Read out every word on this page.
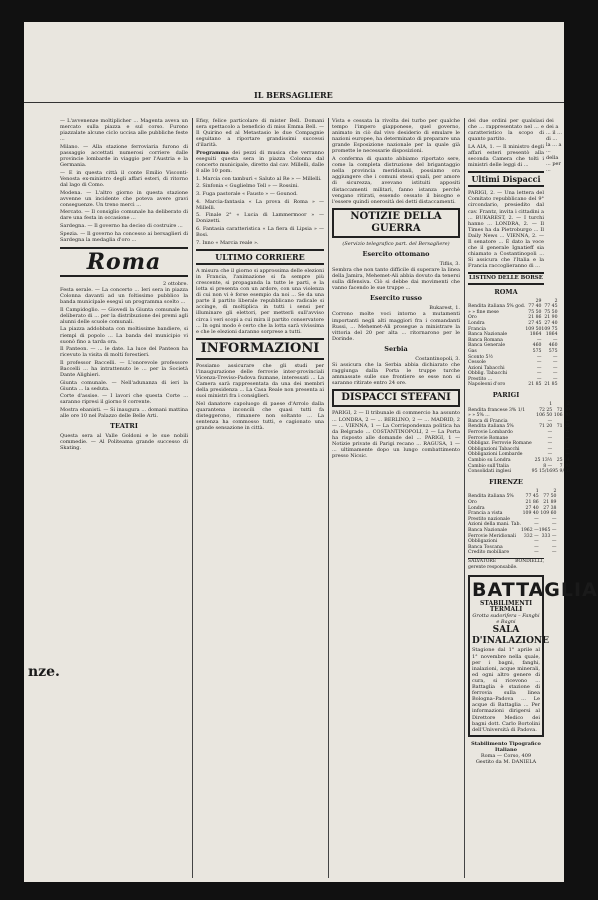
IL BERSAGLIERE
nze.

— L'avvenenze moltiplicher ... Magenta aveva un mercato sulla piazza e sul corso. Furono piazzalate alcune ciclo uccisa alle pubbliche feste ...

Milano. — Alla stazione ferroviaria furono di passaggio accettati numerosi corriere dalle provincie lombarde in viaggio per l'Austria e la Germania.

— E in questa città il conte Emilio Visconti-Venosta ex-ministro degli affari esteri, di ritorno dal lago di Como.

Modena. — L'altro giorno in questa stazione avvenne un incidente che poteva avere gravi conseguenze. Un treno merci ...

Mercato. — Il consiglio comunale ha deliberato di dare una festa in occasione ...

Sardegna. — Il governo ha deciso di costruire ...

Spezia. — Il governo ha concesso ai bersaglieri di Sardegna la medaglia d'oro ...

Roma
2 ottobre.

Festa serale. — La concerto ... Ieri sera in piazza Colonna davanti ad un foltissimo pubblico la banda municipale eseguì un programma scelto ...

Il Campidoglio. — Giovedì la Giunta comunale ha deliberato di ... per la distribuzione dei premi agli alunni delle scuole comunali.

La piazza addobbata con moltissime bandiere, si riempì di popolo ... La banda del municipio vi suonò fino a tarda ora.

Il Panteon. — ... le date. La luce del Panteon ha ricevuto la visita di molti forestieri.

Il professor Baccelli. — L'onorevole professore Baccelli ... ha intrattenuto le ... per la Società Dante Alighieri.

Giunta comunale. — Nell'adunanza di ieri la Giunta ... la seduta.

Corte d'assise. — I lavori che questa Corte ... saranno ripresi il giorno 8 corrente.

Mostra ebanisti. — Si inaugura ... domani mattina alle ore 10 nel Palazzo delle Belle Arti.

TEATRI

Questa sera al Valle Goldoni e le sue nobili commedie. — Al Politeama grande successo di Skating.

Efisy, felice particolare di mister Bell. Domani sera spettacolo a beneficio di miss Emma Bell. — Il Quirino ed al Metastasio le due Compagnie seguitano a riportare grandissimi successi d'ilarità.

Programma dei pezzi di musica che verranno eseguiti questa sera in piazza Colonna dal concerto municipale, diretto dal cav. Millelli, dalle 8 alle 10 pom.

1. Marcia con tamburi « Saluto al Re » — Millelli.

2. Sinfonia « Guglielmo Tell » — Rossini.

3. Fuga pastorale « Fausto » — Gounod.

4. Marcia-fantasia « La prova di Roma » — Millelli.

5. Finale 2° « Lucia di Lammermoor » — Donizetti.

6. Fantasia caratteristica « La fiera di Lipsia » — Bosi.

7. Inno « Marcia reale ».

ULTIMO CORRIERE

A misura che il giorno si approssima delle elezioni in Francia, l'animazione si fa sempre più crescente, si propaganda la tutte le parti, e la lotta si presenta con un ardore, con una violenza di cui non vi è forse esempio da noi ... Se da una parte il partito liberale repubblicano radicale si accinge, di moltiplica in tutti i sensi per illuminare gli elettori, per metterli sull'avviso circa i veri scopi a cui mira il partito conservatore ... In ogni modo è certo che la lotta sarà vivissima e che le elezioni daranno sorprese a tutti.

INFORMAZIONI

Possiamo assicurare che gli studi per l'inaugurazione delle ferrovie inter-provinciali Vicenza-Treviso-Padova fiumane, interessati ... La Camera sarà rappresentata da una dei membri della presidenza ... La Casa Reale non presenta ai suoi ministri fra i consiglieri.

Nel danatore capoluogo di paese d'Arrolo dalla quarantena inconcili che quasi tutti fa disteggerono, rimanere non soltanto ... La sentenza ha commosso tutti, e cagionato una grande sensazione in città.

Vista e cessata la rivolta dei turbo per qualche tempo l'impero giapponese, quel governo, animato in ciò dal vivo desiderio di emulare le nazioni europee, ha determinato di preparare una grande Esposizione nazionale per la quale già promette le necessarie disposizioni.

A conferma di quanto abbiamo riportato sere, come la completa distruzione del brigantaggio nella provincia meridionali, possiamo ora aggiungere che i comuni stessi quali, per amore di sicurezza, avevano istituiti appositi distaccamenti militari, fanno istanza perchè vengano ritirati, essendo cessato il bisogno e l'essere quindi onerosità dei detti distaccamenti.

NOTIZIE DELLA GUERRA
(Servizio telegrafico part. del Bersagliere)
Esercito ottomano
Tiflis, 3.

Sembra che non tanto difficile di superare la linea della Jamira, Mehemet-Ali abbia dovuto da tenersi sulla difensiva. Ciò si debbe dai movimenti che vanno facendo le sue truppe ...

Esercito russo
Bukarest, 1.

Corrono molte voci intorno a mutamenti importanti negli alti maggiori fra i comandanti Russi, ... Mehemet-Ali prosegue a ministrare la vittoria del 20 per alta ... ritornarono per le Dorinde.

Serbia
Costantinopoli, 3.

Si assicura che la Serbia abbia dichiarato che raggiunga dalla Porta le truppe turche ammassate sulle sue frontiere se esse non si saranno ritirate entro 24 ore.

DISPACCI STEFANI

PARIGI, 2 — Il tribunale di commercio ha assunto ... LONDRA, 2 — ... BERLINO, 2 — ... MADRID, 2 — ... VIENNA, 1 — La Corrispondenza politica ha da Belgrado ... COSTANTINOPOLI, 2 — La Porta ha risposto alle domande del ... PARIGI, 1 — Notizie private di Parigi recano ... RAGUSA, 1 — ... ultimamente dopo un lungo combattimento presso Nicsic.

dei due ordini per qualsiasi che ... rappresentato nel ... e caratteristico la scopo di quanto partito.

LA AIA, 1. — Il ministro degli affari esteri presentò alla seconda Camera che tolti i ministri delle leggi di ...

Ultimi Dispacci

PARIGI, 2. — Una lettera del Comitato repubblicano del 9° circondario, presiedito dal cav. Frantz, invita i cittadini a ... BUKAREST, 2. — I turchi hanno ... LONDRA, 2. — Il Times ha da Pietroburgo ... Il Daily News ... VIENNA, 2. — Il senatore ... È dato la voce che il generale Ignatieff sia chiamato a Costantinopoli ... Si assicura che l'Italia e la Francia raccoglieranno di ...

LISTINO DELLE BORSE
ROMA
	29	2
Rendita italiana 5% god.	77 40	77 45
» » fine mese	75 50	75 50
Oro	21 86	21 90
Londra	27 45	27 40
Francia	109 50	109 75
Banca Nazionale	1864	1864
Banca Romana	—	—
Banca Generale	460	460
Gas	575	575
Sconto 5½	—	—
Cessole	—	—
Azioni Tabacchi	—	—
Obblig. Tabacchi	—	—
Prestito ...	—	—
Napoleoni d'oro	21 85	21 85
PARIGI
	1	2
Rendita francese 3% 1/1	72 25	72 30
» » 5% ...	106 50	106 90
Banca di Francia	—	—
Rendita italiana 5%	71 20	71 25
Ferrovie Lombardo	—	—
Ferrovie Romane	—	—
Obbligaz. Ferrovie Romane	—	—
Obbligazioni Tabacchi	—	—
Obbligazioni Lombarde	—	—
Cambio su Londra	25 13½	25 14
Cambio sull'Italia	8 —	7 90
Consolidati inglesi	95 15/16	95 9/16
FIRENZE
	1	2
Rendita italiana 5%	77 45	77 50
Oro	21 86	21 89
Londra	27 40	27 38
Francia a vista	109 40	109 60
Prestito nazionale	—	—
Azioni della mani. Tab.	—	—
Banca Nazionale	1962 —	1965 —
Ferrovie Meridionali	332 —	333 —
Obbligazioni	—	—
Banca Toscana	—	—
Credito mobiliare	—	—
SALVATORE BONDIELLI, gerente responsabile.
BATTAGLIA
STABILIMENTI TERMALI
Grotta sudorifera – Fanghi e Bagni
SALA D'INALAZIONE
Stagione dal 1° aprile al 1° novembre nella quale, per i bagni, fanghi, inalazioni, acque minerali, ed ogni altro genere di cura, si ricevono ... Battaglia è stazione di ferrovia sulla linea Bologna–Padova ... Le acque di Battaglia ... Per informazioni dirigersi al Direttore Medico dei bagni dott. Carlo Bortolini dell'Università di Padova.
Stabilimento Tipografico Italiano
Roma — Corso, 409
Gestito da M. DANIELA
dei dei a ... il ... di ... la ... a ... della ... per ...
